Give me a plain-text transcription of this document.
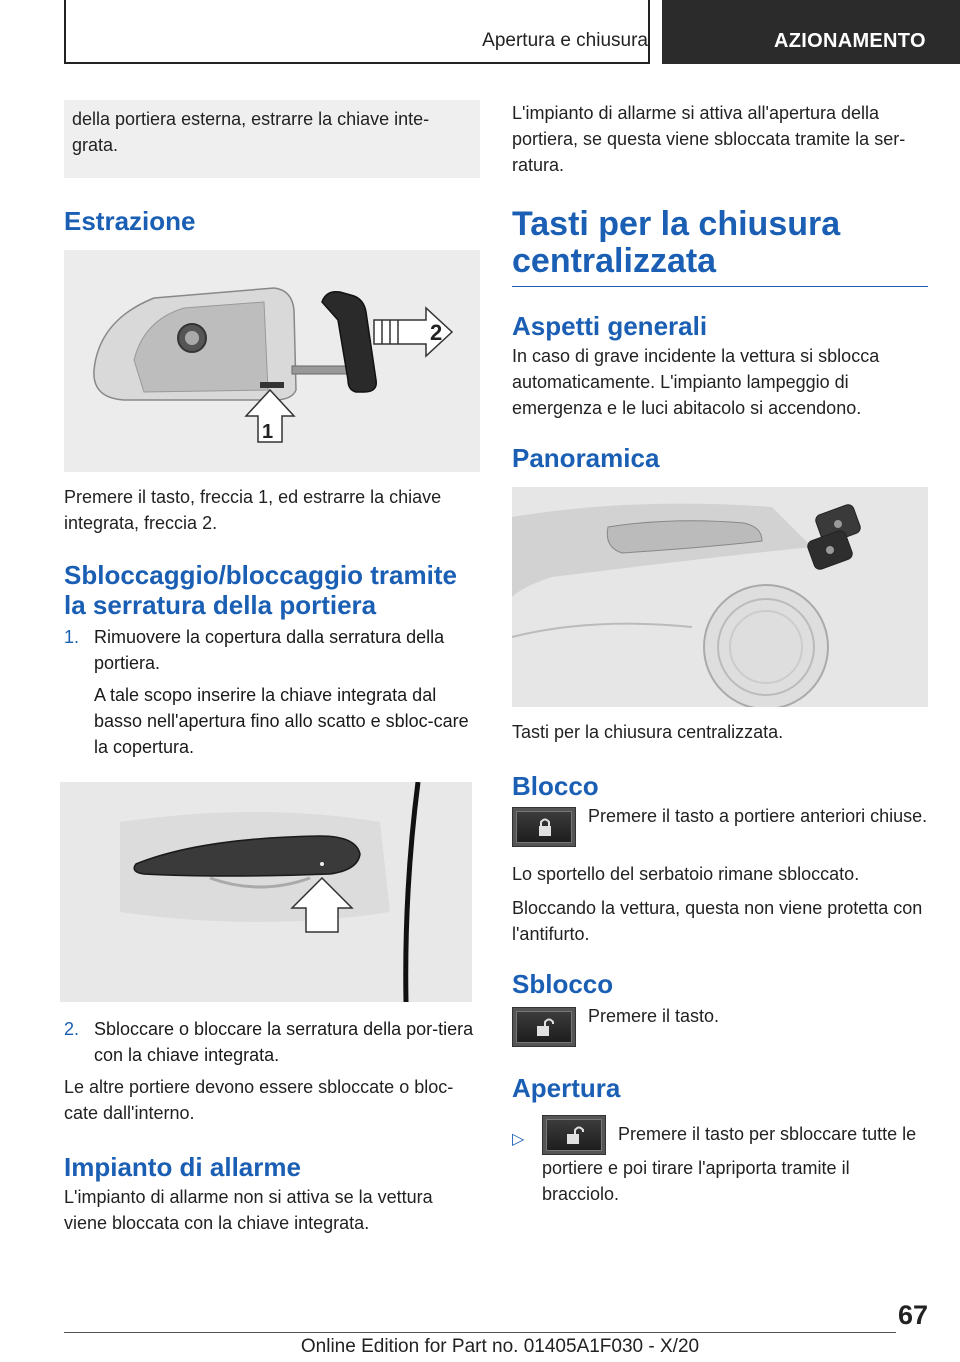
Apertura e chiusura	AZIONAMENTO
della portiera esterna, estrarre la chiave inte-grata.
Estrazione
2
1

Premere il tasto, freccia 1, ed estrarre la chiave integrata, freccia 2.

Sbloccaggio/bloccaggio tramite la serratura della portiera
1. Rimuovere la copertura dalla serratura della portiera.
A tale scopo inserire la chiave integrata dal basso nell'apertura fino allo scatto e sbloc-care la copertura.
2. Sbloccare o bloccare la serratura della por-tiera con la chiave integrata.

Le altre portiere devono essere sbloccate o bloc-cate dall'interno.

Impianto di allarme

L'impianto di allarme non si attiva se la vettura viene bloccata con la chiave integrata.

L'impianto di allarme si attiva all'apertura della portiera, se questa viene sbloccata tramite la ser-ratura.

Tasti per la chiusura centralizzata
Aspetti generali

In caso di grave incidente la vettura si sblocca automaticamente. L'impianto lampeggio di emergenza e le luci abitacolo si accendono.

Panoramica

Tasti per la chiusura centralizzata.

Blocco
Premere il tasto a portiere anteriori chiuse.

Lo sportello del serbatoio rimane sbloccato.

Bloccando la vettura, questa non viene protetta con l'antifurto.

Sblocco
Premere il tasto.
Apertura
▷	Premere il tasto per sbloccare tutte le portiere e poi tirare l'apriporta tramite il bracciolo.
67
Online Edition for Part no. 01405A1F030 - X/20
